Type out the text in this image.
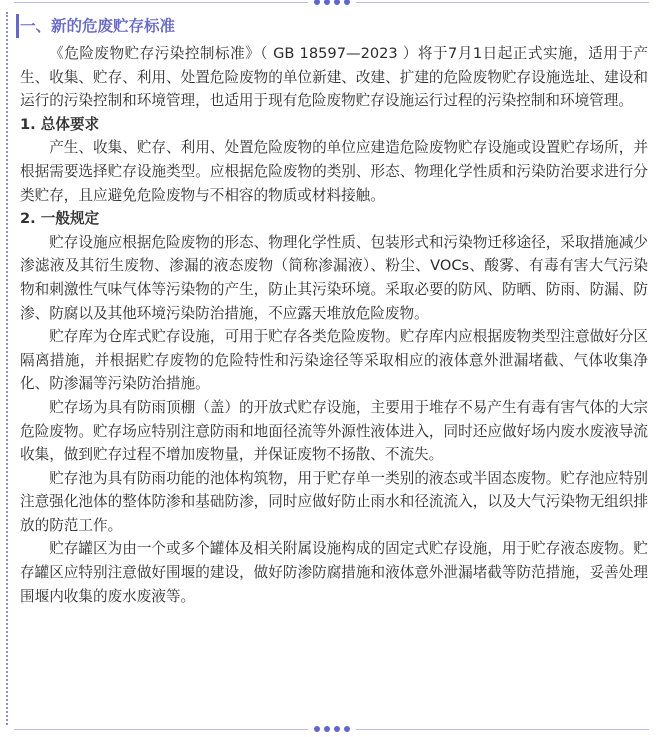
一、新的危废贮存标准

《危险废物贮存污染控制标准》（ GB 18597—2023 ）将于7月1日起正式实施，适用于产生、收集、贮存、利用、处置危险废物的单位新建、改建、扩建的危险废物贮存设施选址、建设和运行的污染控制和环境管理，也适用于现有危险废物贮存设施运行过程的污染控制和环境管理。

1. 总体要求

产生、收集、贮存、利用、处置危险废物的单位应建造危险废物贮存设施或设置贮存场所，并根据需要选择贮存设施类型。应根据危险废物的类别、形态、物理化学性质和污染防治要求进行分类贮存，且应避免危险废物与不相容的物质或材料接触。

2. 一般规定

贮存设施应根据危险废物的形态、物理化学性质、包装形式和污染物迁移途径，采取措施减少渗滤液及其衍生废物、渗漏的液态废物（简称渗漏液）、粉尘、VOCs、酸雾、有毒有害大气污染物和刺激性气味气体等污染物的产生，防止其污染环境。采取必要的防风、防晒、防雨、防漏、防渗、防腐以及其他环境污染防治措施，不应露天堆放危险废物。

贮存库为仓库式贮存设施，可用于贮存各类危险废物。贮存库内应根据废物类型注意做好分区隔离措施，并根据贮存废物的危险特性和污染途径等采取相应的液体意外泄漏堵截、气体收集净化、防渗漏等污染防治措施。

贮存场为具有防雨顶棚（盖）的开放式贮存设施，主要用于堆存不易产生有毒有害气体的大宗危险废物。贮存场应特别注意防雨和地面径流等外源性液体进入，同时还应做好场内废水废液导流收集，做到贮存过程不增加废物量，并保证废物不扬散、不流失。

贮存池为具有防雨功能的池体构筑物，用于贮存单一类别的液态或半固态废物。贮存池应特别注意强化池体的整体防渗和基础防渗，同时应做好防止雨水和径流流入，以及大气污染物无组织排放的防范工作。

贮存罐区为由一个或多个罐体及相关附属设施构成的固定式贮存设施，用于贮存液态废物。贮存罐区应特别注意做好围堰的建设，做好防渗防腐措施和液体意外泄漏堵截等防范措施，妥善处理围堰内收集的废水废液等。
